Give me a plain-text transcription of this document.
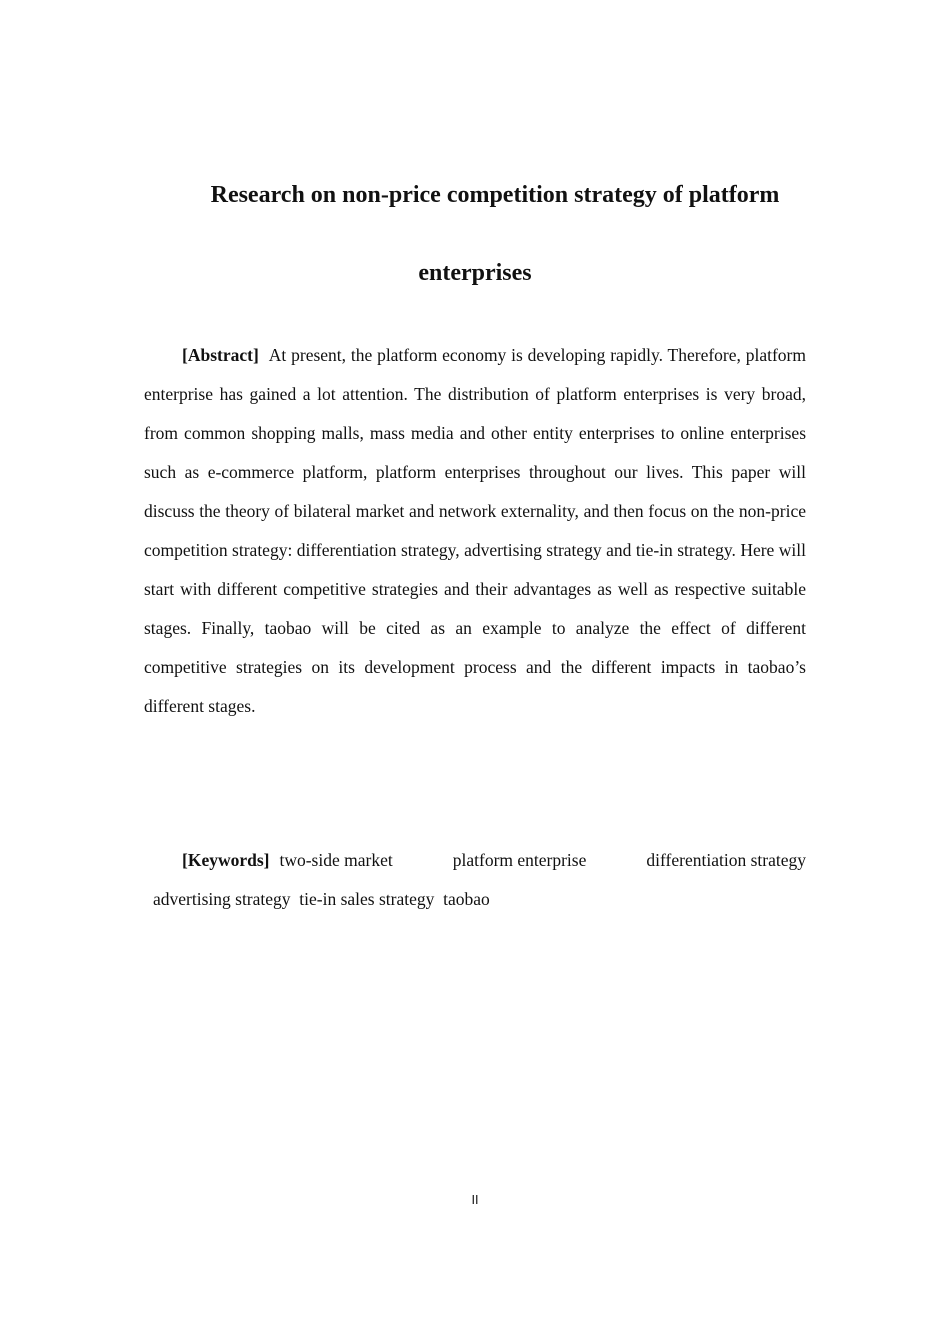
Research on non-price competition strategy of platform
enterprises

[Abstract] At present, the platform economy is developing rapidly. Therefore, platform enterprise has gained a lot attention. The distribution of platform enterprises is very broad, from common shopping malls, mass media and other entity enterprises to online enterprises such as e-commerce platform, platform enterprises throughout our lives. This paper will discuss the theory of bilateral market and network externality, and then focus on the non-price competition strategy: differentiation strategy, advertising strategy and tie-in strategy. Here will start with different competitive strategies and their advantages as well as respective suitable stages. Finally, taobao will be cited as an example to analyze the effect of different competitive strategies on its development process and the different impacts in taobao’s different stages.

[Keywords] two-side market	platform enterprise	differentiation strategy
advertising strategy tie-in sales strategy taobao
II
